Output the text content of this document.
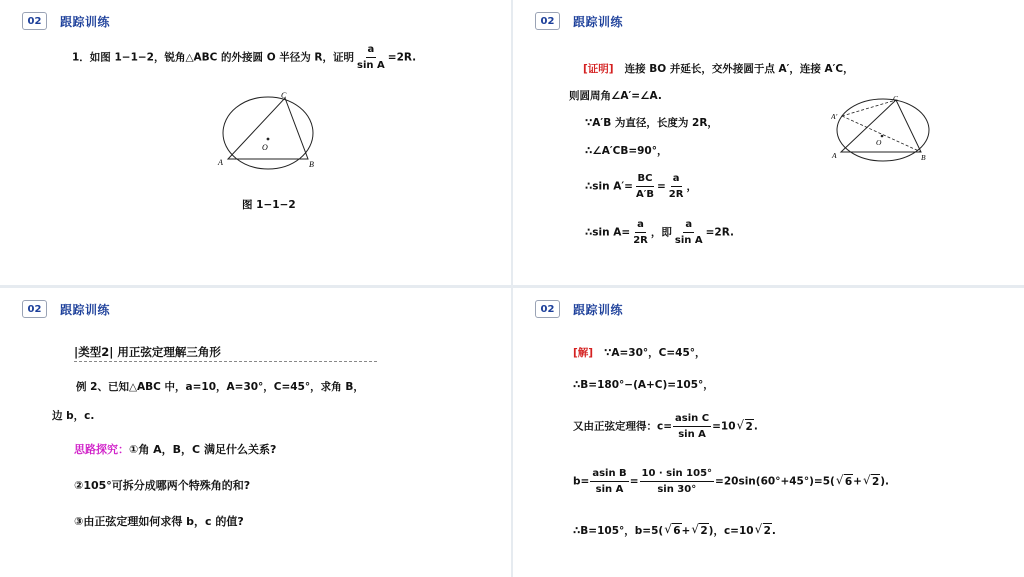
02	跟踪训练
1．如图 1−1−2，锐角△ABC 的外接圆 O 半径为 R，证明 $\frac{a}{\text{sin A}} =2R$.
A	B
C
O
图 1−1−2
02	跟踪训练
[证明] 连接 BO 并延长，交外接圆于点 A′，连接 A′C，
则圆周角∠A′=∠A.
∵A′B 为直径，长度为 2R，
∴∠A′CB=90°，
∴sin $A'= \frac{BC}{A'B} = \frac{a}{2R}$ ，
∴sin $A= \frac{a}{2R}$ ，即 $\frac{a}{\text{sin A}} =2R$.
A	B
C
O
A′
02	跟踪训练
|类型2| 用正弦定理解三角形
例 2、已知△ABC 中，a=10，A=30°，C=45°，求角 B，
边 b，c.
思路探究：①角 A，B，C 满足什么关系?
②105°可拆分成哪两个特殊角的和?
③由正弦定理如何求得 b，c 的值?
02	跟踪训练
[解] ∵A=30°，C=45°，
∴B=180°−(A+C)=105°，
又由正弦定理得：$c= \frac{\text{asin C}}{\text{sin A}} =10√$ 2.
$b= \frac{\text{asin B}}{\text{sin A}} = \frac{10 \cdot \sin 105^\circ}{\sin 30^\circ} =20\sin(60^\circ+45^\circ)=5(√$ 6+√ 2).
∴B=105°，b=5(√ 6+√ 2)，c=10√ 2.
